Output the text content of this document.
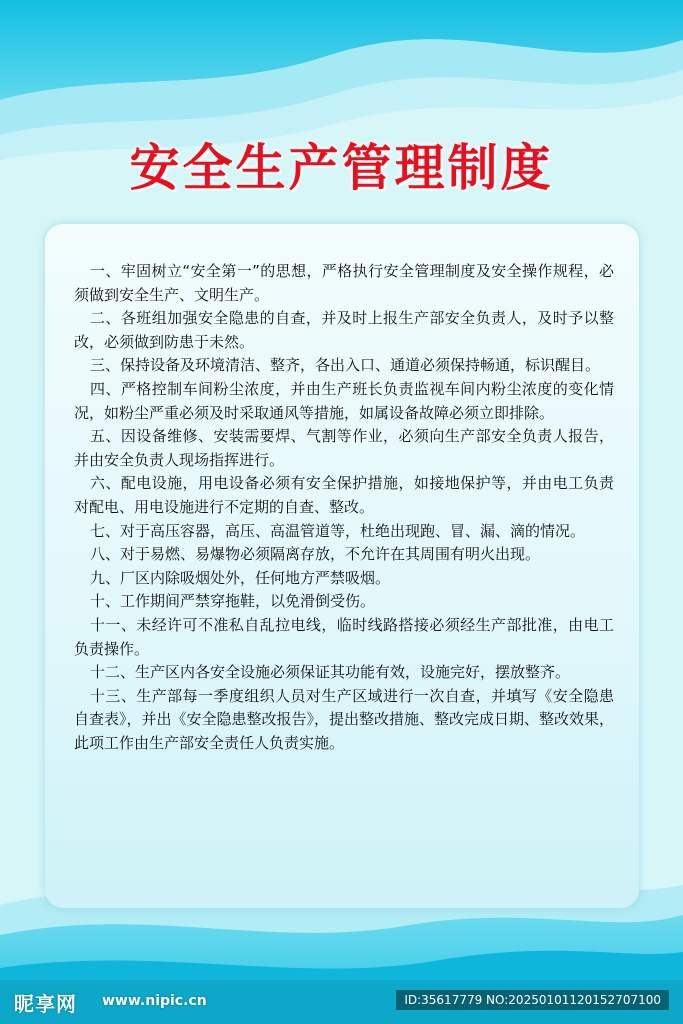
安全生产管理制度

一、牢固树立“安全第一”的思想，严格执行安全管理制度及安全操作规程，必须做到安全生产、文明生产。

二、各班组加强安全隐患的自查，并及时上报生产部安全负责人，及时予以整改，必须做到防患于未然。

三、保持设备及环境清洁、整齐，各出入口、通道必须保持畅通，标识醒目。

四、严格控制车间粉尘浓度，并由生产班长负责监视车间内粉尘浓度的变化情况，如粉尘严重必须及时采取通风等措施，如属设备故障必须立即排除。

五、因设备维修、安装需要焊、气割等作业，必须向生产部安全负责人报告，并由安全负责人现场指挥进行。

六、配电设施，用电设备必须有安全保护措施，如接地保护等，并由电工负责对配电、用电设施进行不定期的自查、整改。

七、对于高压容器，高压、高温管道等，杜绝出现跑、冒、漏、滴的情况。

八、对于易燃、易爆物必须隔离存放，不允许在其周围有明火出现。

九、厂区内除吸烟处外，任何地方严禁吸烟。

十、工作期间严禁穿拖鞋，以免滑倒受伤。

十一、未经许可不准私自乱拉电线，临时线路搭接必须经生产部批准，由电工负责操作。

十二、生产区内各安全设施必须保证其功能有效，设施完好，摆放整齐。

十三、生产部每一季度组织人员对生产区域进行一次自查，并填写《安全隐患自查表》，并出《安全隐患整改报告》，提出整改措施、整改完成日期、整改效果，此项工作由生产部安全责任人负责实施。

昵享网 www.nipic.cn	ID:35617779 NO:20250101120152707100
